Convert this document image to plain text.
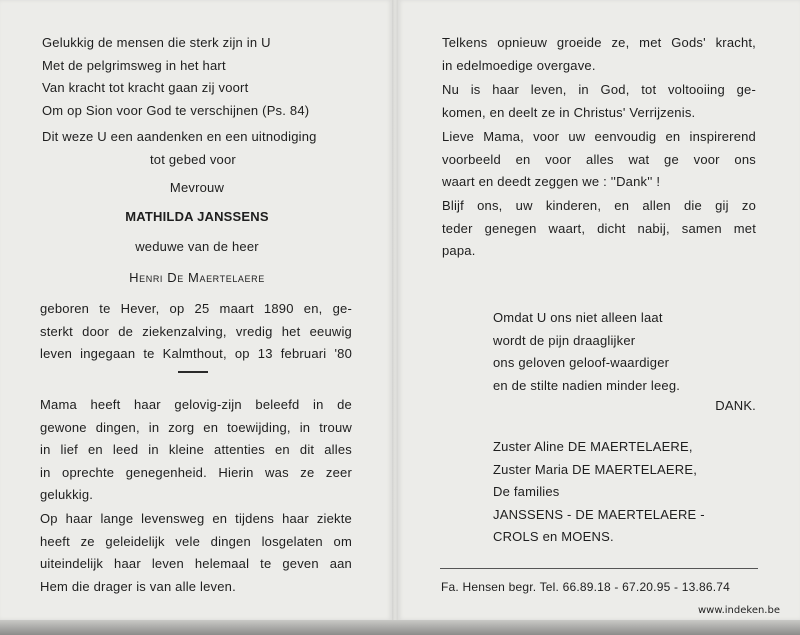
Gelukkig de mensen die sterk zijn in U
Met de pelgrimsweg in het hart
Van kracht tot kracht gaan zij voort
Om op Sion voor God te verschijnen (Ps. 84)
Dit weze U een aandenken en een uitnodiging
tot gebed voor
Mevrouw
MATHILDA JANSSENS
weduwe van de heer
Henri De Maertelaere
geboren te Hever, op 25 maart 1890 en, ge-
sterkt door de ziekenzalving, vredig het eeuwig
leven ingegaan te Kalmthout, op 13 februari '80
Mama heeft haar gelovig-zijn beleefd in de
gewone dingen, in zorg en toewijding, in trouw
in lief en leed in kleine attenties en dit alles
in oprechte genegenheid. Hierin was ze zeer
gelukkig.
Op haar lange levensweg en tijdens haar ziekte
heeft ze geleidelijk vele dingen losgelaten om
uiteindelijk haar leven helemaal te geven aan
Hem die drager is van alle leven.
Telkens opnieuw groeide ze, met Gods' kracht,
in edelmoedige overgave.
Nu is haar leven, in God, tot voltooiing ge-
komen, en deelt ze in Christus' Verrijzenis.
Lieve Mama, voor uw eenvoudig en inspirerend
voorbeeld en voor alles wat ge voor ons
waart en deedt zeggen we : ''Dank'' !
Blijf ons, uw kinderen, en allen die gij zo
teder genegen waart, dicht nabij, samen met
papa.
Omdat U ons niet alleen laat
wordt de pijn draaglijker
ons geloven geloof-waardiger
en de stilte nadien minder leeg.
DANK.
Zuster Aline DE MAERTELAERE,
Zuster Maria DE MAERTELAERE,
De families
JANSSENS - DE MAERTELAERE -
CROLS en MOENS.
Fa. Hensen begr. Tel. 66.89.18 - 67.20.95 - 13.86.74
www.indeken.be
